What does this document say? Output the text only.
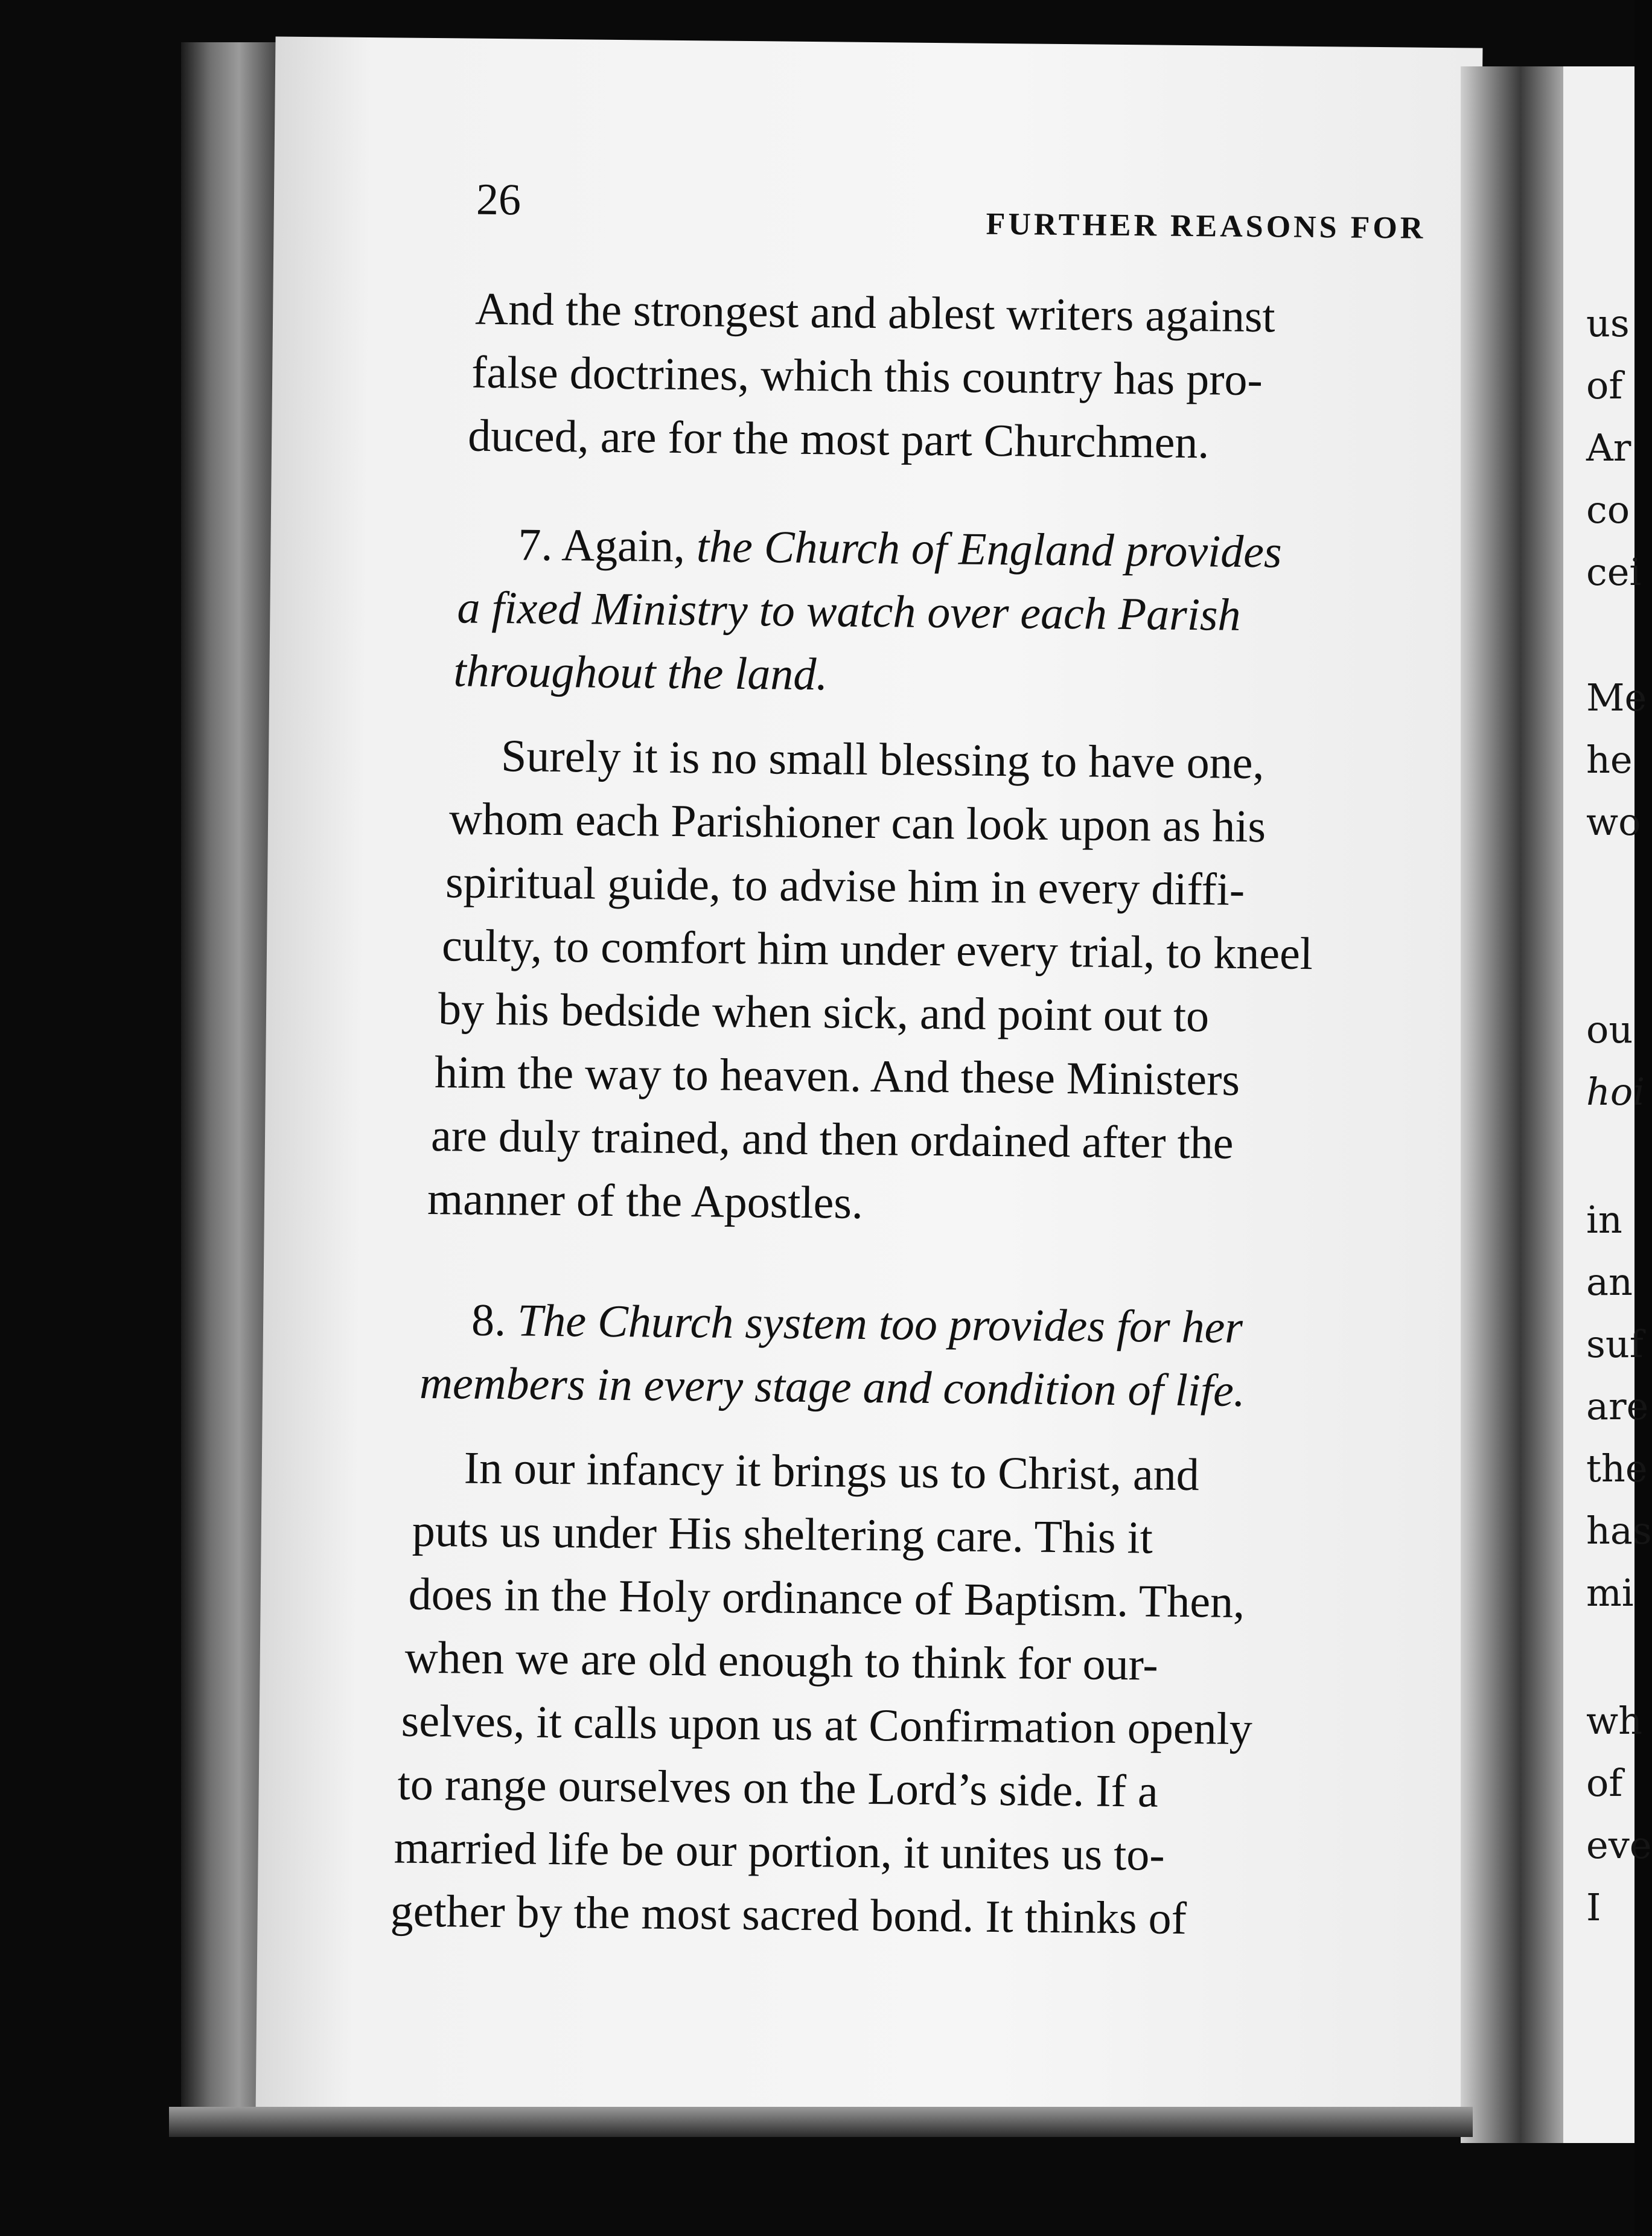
26
FURTHER REASONS FOR
And the strongest and ablest writers against
false doctrines, which this country has pro-
duced, are for the most part Churchmen.
7. Again, the Church of England provides
a fixed Ministry to watch over each Parish
throughout the land.
Surely it is no small blessing to have one,
whom each Parishioner can look upon as his
spiritual guide, to advise him in every diffi-
culty, to comfort him under every trial, to kneel
by his bedside when sick, and point out to
him the way to heaven. And these Ministers
are duly trained, and then ordained after the
manner of the Apostles.
8. The Church system too provides for her
members in every stage and condition of life.
In our infancy it brings us to Christ, and
puts us under His sheltering care. This it
does in the Holy ordinance of Baptism. Then,
when we are old enough to think for our-
selves, it calls upon us at Confirmation openly
to range ourselves on the Lord’s side. If a
married life be our portion, it unites us to-
gether by the most sacred bond. It thinks of
us
of
Ar
co
cei
Me
he
wo
ou
hoi
in
an
suf
are
the
has
mi
wh
of
eve
I
